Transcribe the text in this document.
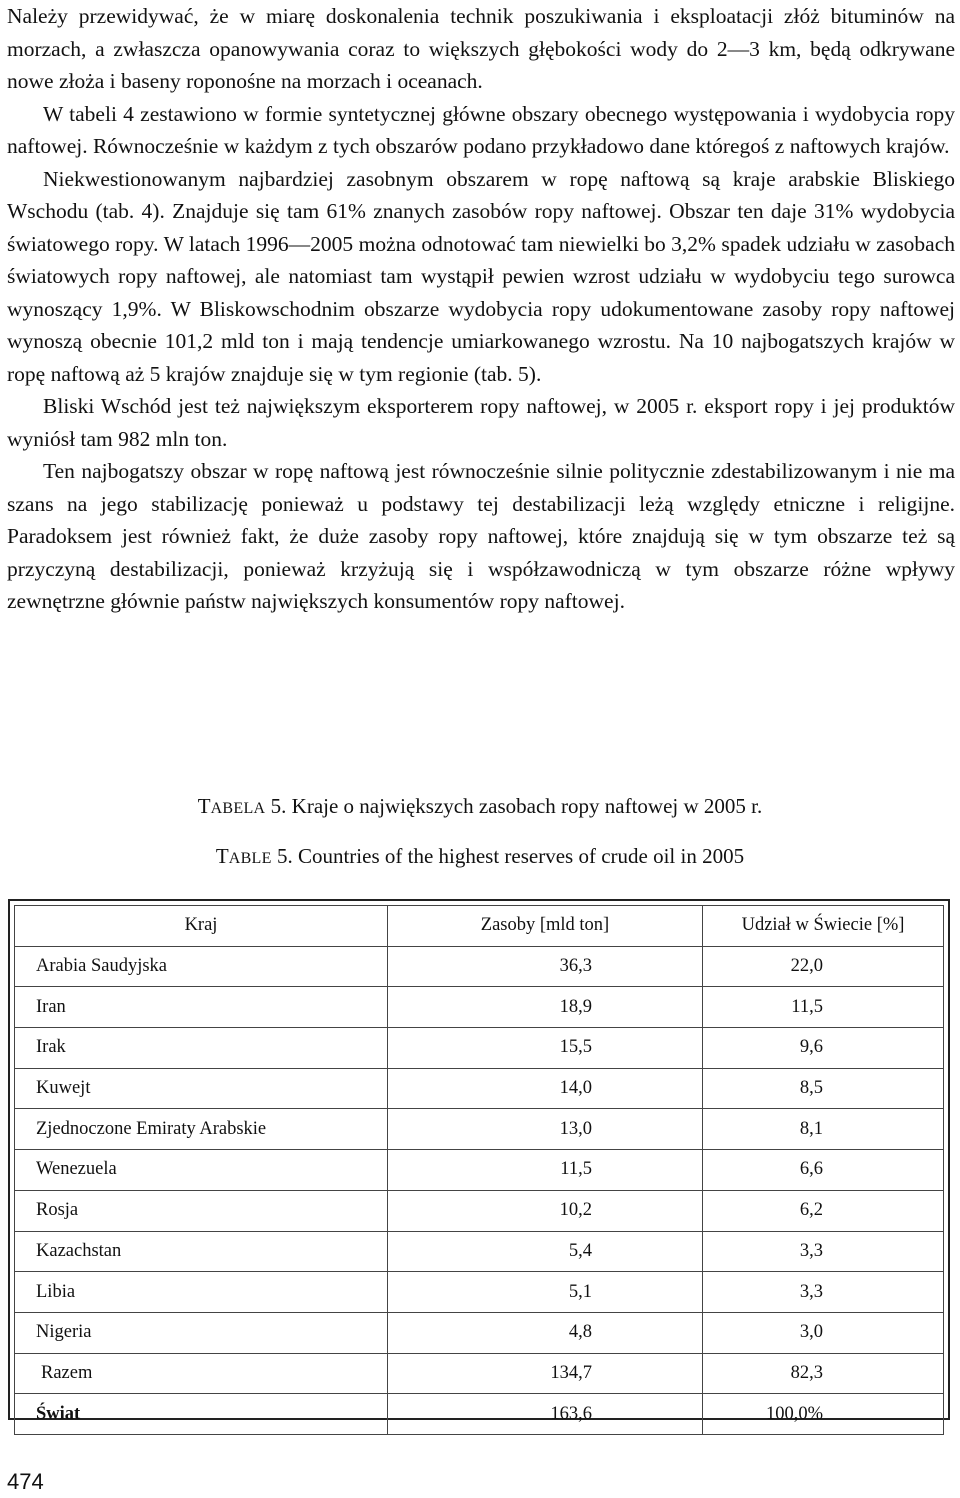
Należy przewidywać, że w miarę doskonalenia technik poszukiwania i eksploatacji złóż bituminów na morzach, a zwłaszcza opanowywania coraz to większych głębokości wody do 2—3 km, będą odkrywane nowe złoża i baseny roponośne na morzach i oceanach.

W tabeli 4 zestawiono w formie syntetycznej główne obszary obecnego występowania i wydobycia ropy naftowej. Równocześnie w każdym z tych obszarów podano przykładowo dane któregoś z naftowych krajów.

Niekwestionowanym najbardziej zasobnym obszarem w ropę naftową są kraje arabskie Bliskiego Wschodu (tab. 4). Znajduje się tam 61% znanych zasobów ropy naftowej. Obszar ten daje 31% wydobycia światowego ropy. W latach 1996—2005 można odnotować tam niewielki bo 3,2% spadek udziału w zasobach światowych ropy naftowej, ale natomiast tam wystąpił pewien wzrost udziału w wydobyciu tego surowca wynoszący 1,9%. W Bliskowschodnim obszarze wydobycia ropy udokumentowane zasoby ropy naftowej wynoszą obecnie 101,2 mld ton i mają tendencje umiarkowanego wzrostu. Na 10 najbogatszych krajów w ropę naftową aż 5 krajów znajduje się w tym regionie (tab. 5).

Bliski Wschód jest też największym eksporterem ropy naftowej, w 2005 r. eksport ropy i jej produktów wyniósł tam 982 mln ton.

Ten najbogatszy obszar w ropę naftową jest równocześnie silnie politycznie zdestabilizowanym i nie ma szans na jego stabilizację ponieważ u podstawy tej destabilizacji leżą względy etniczne i religijne. Paradoksem jest również fakt, że duże zasoby ropy naftowej, które znajdują się w tym obszarze też są przyczyną destabilizacji, ponieważ krzyżują się i współzawodniczą w tym obszarze różne wpływy zewnętrzne głównie państw największych konsumentów ropy naftowej.

TABELA 5. Kraje o największych zasobach ropy naftowej w 2005 r.
TABLE 5. Countries of the highest reserves of crude oil in 2005
Kraj	Zasoby [mld ton]	Udział w Świecie [%]
Arabia Saudyjska	36,3	22,0
Iran	18,9	11,5
Irak	15,5	9,6
Kuwejt	14,0	8,5
Zjednoczone Emiraty Arabskie	13,0	8,1
Wenezuela	11,5	6,6
Rosja	10,2	6,2
Kazachstan	5,4	3,3
Libia	5,1	3,3
Nigeria	4,8	3,0
Razem	134,7	82,3
Świat	163,6	100,0%
474
